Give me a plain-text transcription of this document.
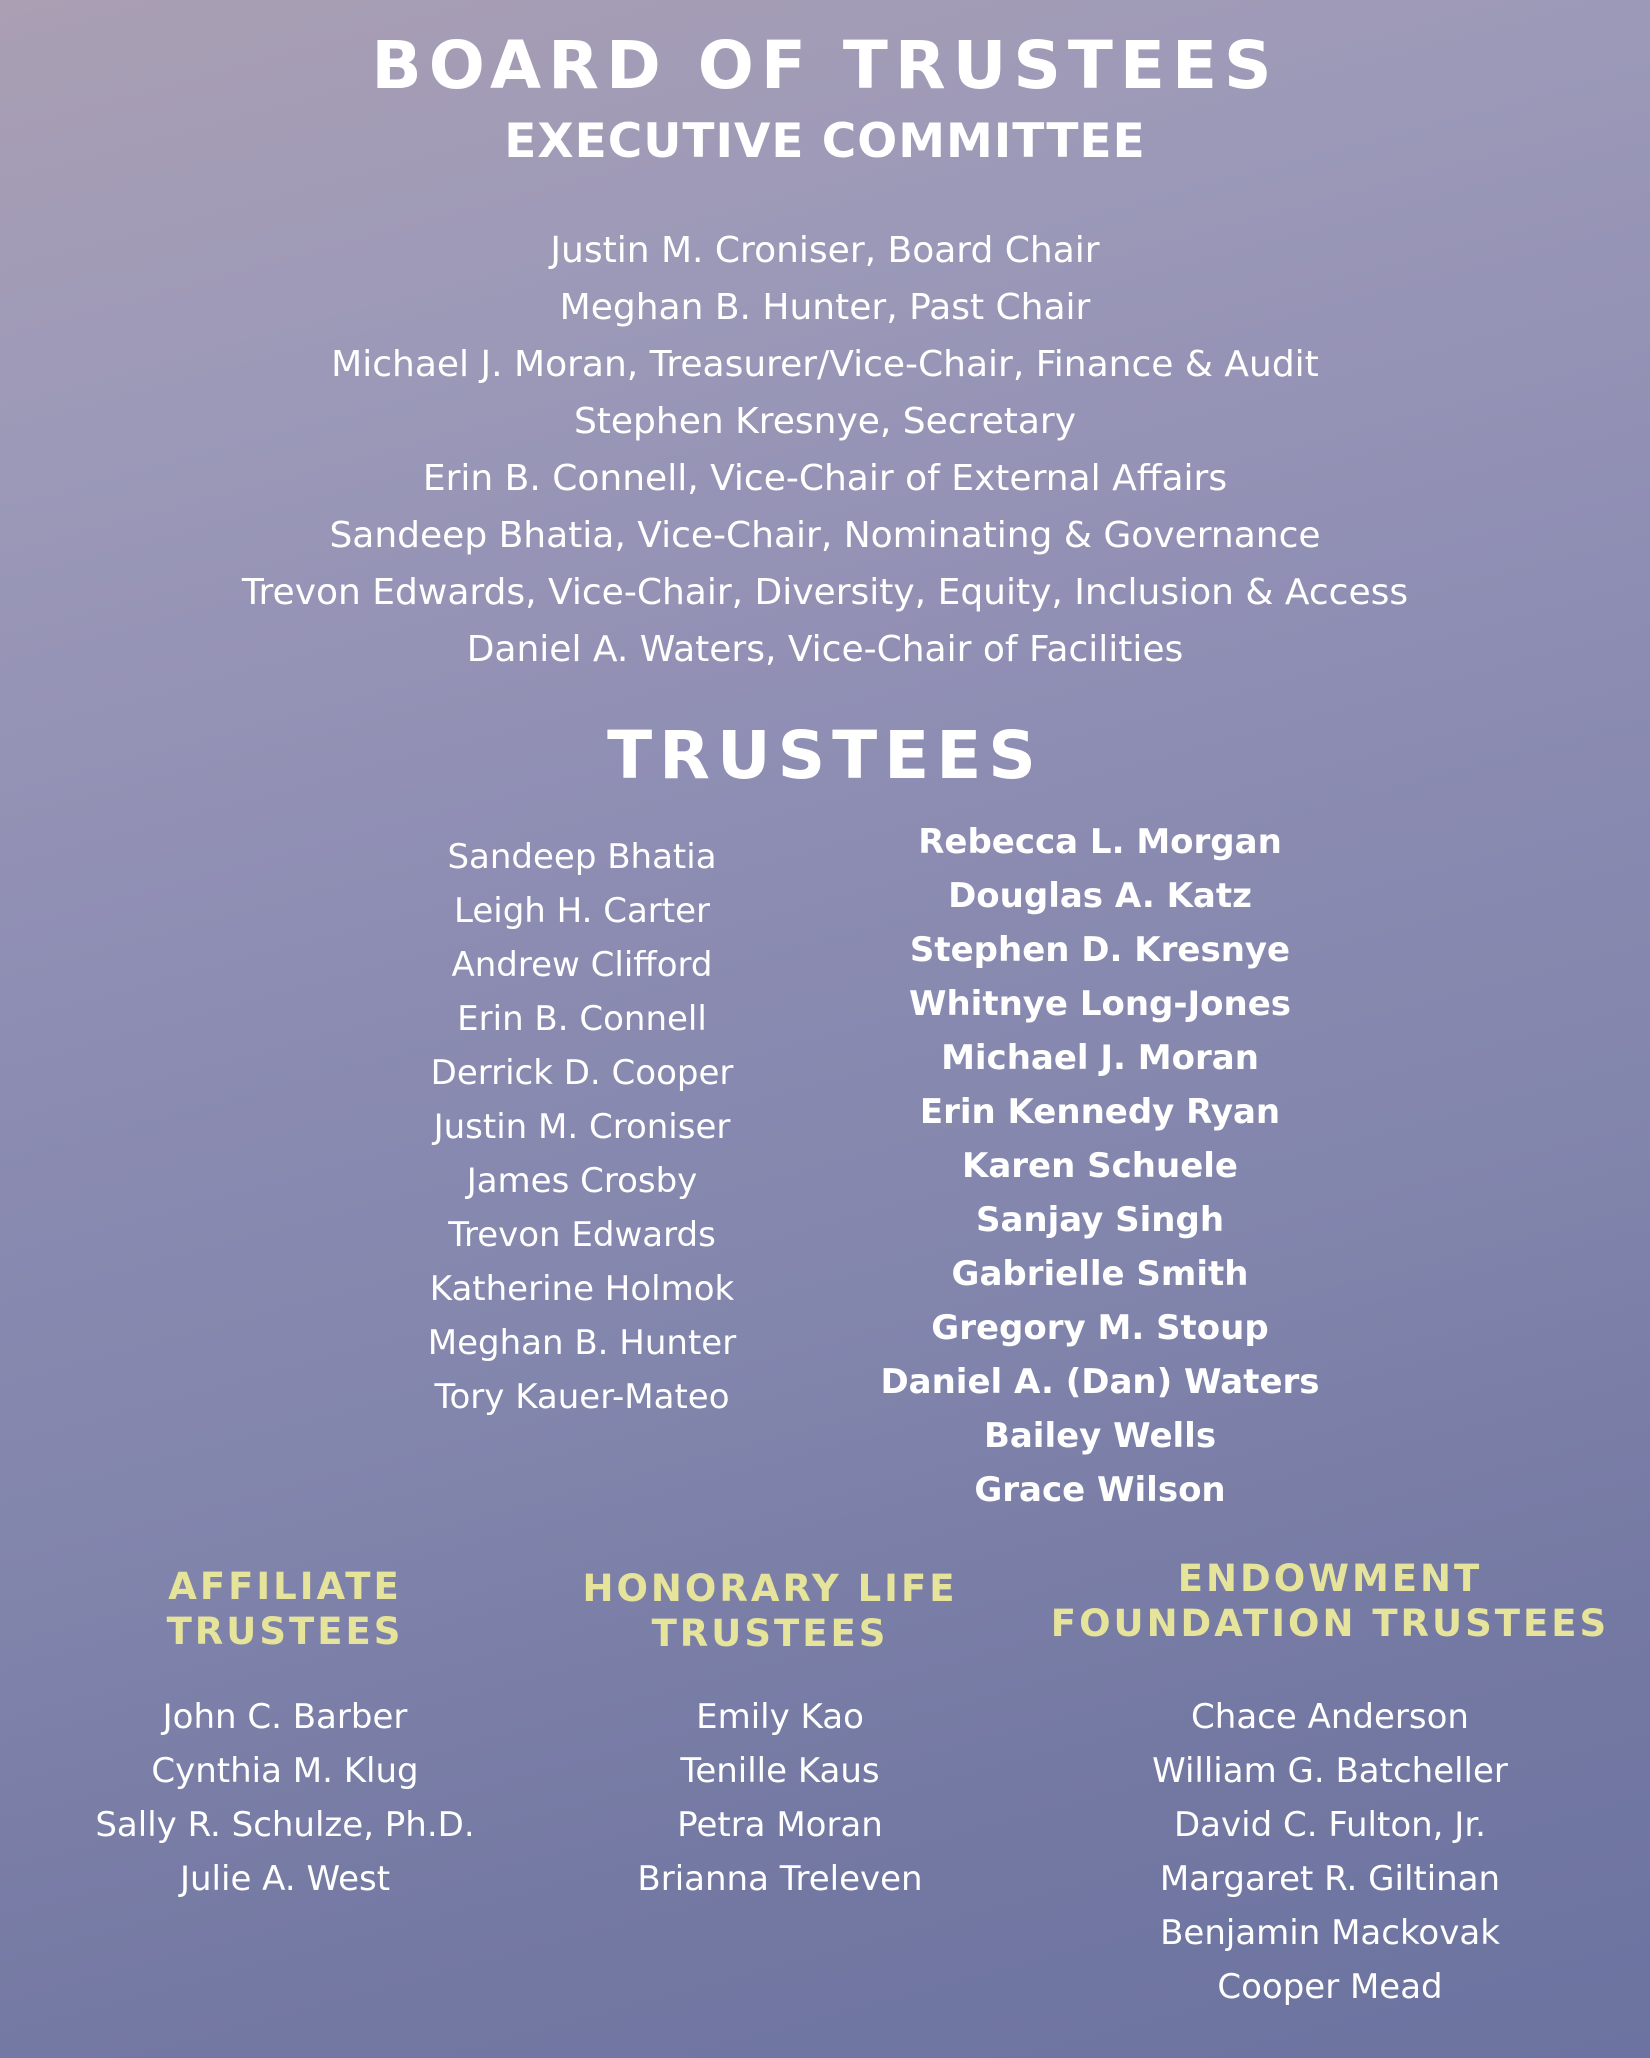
BOARD OF TRUSTEES
EXECUTIVE COMMITTEE
Justin M. Croniser, Board Chair
Meghan B. Hunter, Past Chair
Michael J. Moran, Treasurer/Vice-Chair, Finance & Audit
Stephen Kresnye, Secretary
Erin B. Connell, Vice-Chair of External Affairs
Sandeep Bhatia, Vice-Chair, Nominating & Governance
Trevon Edwards, Vice-Chair, Diversity, Equity, Inclusion & Access
Daniel A. Waters, Vice-Chair of Facilities
TRUSTEES
Sandeep Bhatia
Leigh H. Carter
Andrew Clifford
Erin B. Connell
Derrick D. Cooper
Justin M. Croniser
James Crosby
Trevon Edwards
Katherine Holmok
Meghan B. Hunter
Tory Kauer-Mateo
Rebecca L. Morgan
Douglas A. Katz
Stephen D. Kresnye
Whitnye Long-Jones
Michael J. Moran
Erin Kennedy Ryan
Karen Schuele
Sanjay Singh
Gabrielle Smith
Gregory M. Stoup
Daniel A. (Dan) Waters
Bailey Wells
Grace Wilson
AFFILIATE
TRUSTEES
John C. Barber
Cynthia M. Klug
Sally R. Schulze, Ph.D.
Julie A. West
HONORARY LIFE
TRUSTEES
Emily Kao
Tenille Kaus
Petra Moran
Brianna Treleven
ENDOWMENT
FOUNDATION TRUSTEES
Chace Anderson
William G. Batcheller
David C. Fulton, Jr.
Margaret R. Giltinan
Benjamin Mackovak
Cooper Mead
